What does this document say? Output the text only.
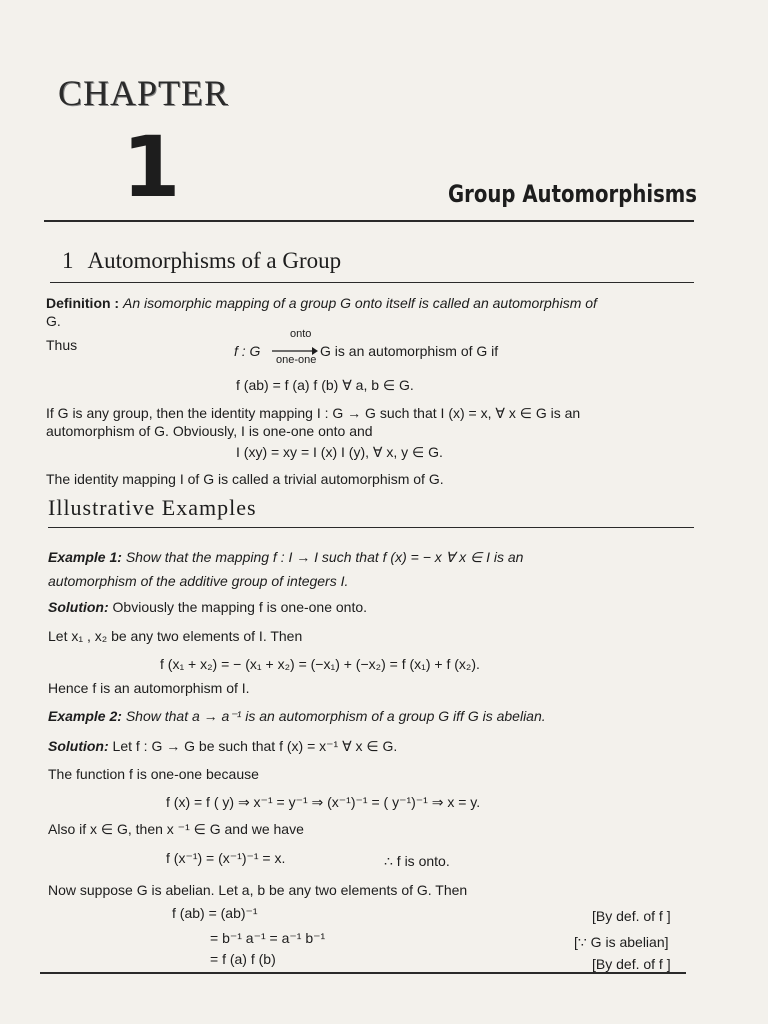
CHAPTER
1	Group Automorphisms
1 Automorphisms of a Group
Definition : An isomorphic mapping of a group G onto itself is called an automorphism of
G.
Thus
onto
f : G
one-one
G is an automorphism of G if
f (ab) = f (a) f (b) ∀ a, b ∈ G.
If G is any group, then the identity mapping I : G → G such that I (x) = x, ∀ x ∈ G is an
automorphism of G. Obviously, I is one-one onto and
I (xy) = xy = I (x) I (y), ∀ x, y ∈ G.
The identity mapping I of G is called a trivial automorphism of G.
Illustrative Examples
Example 1: Show that the mapping f : I → I such that f (x) = − x ∀ x ∈ I is an
automorphism of the additive group of integers I.
Solution: Obviously the mapping f is one-one onto.
Let x₁ , x₂ be any two elements of I. Then
f (x₁ + x₂) = − (x₁ + x₂) = (−x₁) + (−x₂) = f (x₁) + f (x₂).
Hence f is an automorphism of I.
Example 2: Show that a → a⁻¹ is an automorphism of a group G iff G is abelian.
Solution: Let f : G → G be such that f (x) = x⁻¹ ∀ x ∈ G.
The function f is one-one because
f (x) = f ( y) ⇒ x⁻¹ = y⁻¹ ⇒ (x⁻¹)⁻¹ = ( y⁻¹)⁻¹ ⇒ x = y.
Also if x ∈ G, then x ⁻¹ ∈ G and we have
f (x⁻¹) = (x⁻¹)⁻¹ = x.	∴ f is onto.
Now suppose G is abelian. Let a, b be any two elements of G. Then
f (ab) = (ab)⁻¹	[By def. of f ]
= b⁻¹ a⁻¹ = a⁻¹ b⁻¹	[∵ G is abelian]
= f (a) f (b)	[By def. of f ]
